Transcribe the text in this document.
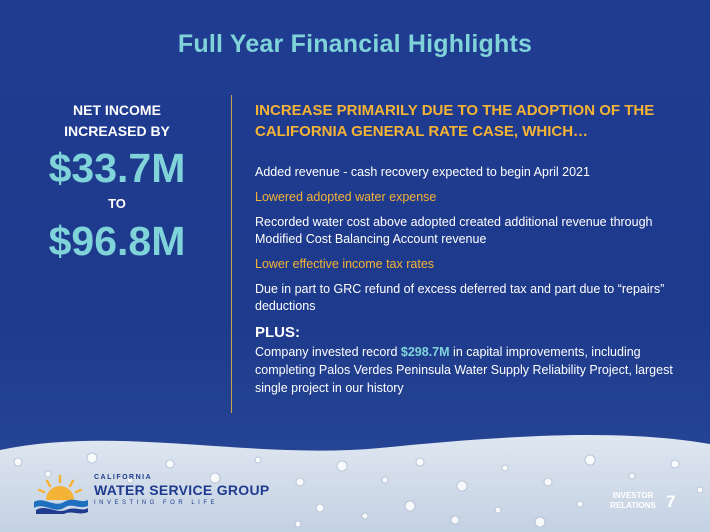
Full Year Financial Highlights
NET INCOME
INCREASED BY
$33.7M
TO
$96.8M
INCREASE PRIMARILY DUE TO THE ADOPTION OF THE
CALIFORNIA GENERAL RATE CASE, WHICH…
Added revenue - cash recovery expected to begin April 2021
Lowered adopted water expense
Recorded water cost above adopted created additional revenue through Modified Cost Balancing Account revenue
Lower effective income tax rates
Due in part to GRC refund of excess deferred tax and part due to “repairs” deductions
PLUS:
Company invested record $298.7M in capital improvements, including completing Palos Verdes Peninsula Water Supply Reliability Project, largest single project in our history
CALIFORNIA
WATER SERVICE GROUP
INVESTING FOR LIFE
INVESTOR
RELATIONS 7
